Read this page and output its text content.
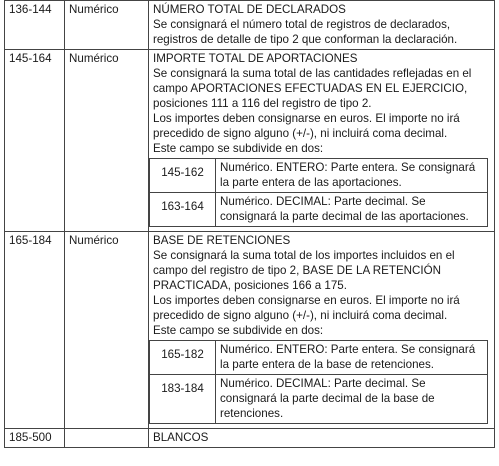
136-144	Numérico	NÚMERO TOTAL DE DECLARADOS

Se consignará el número total de registros de declarados, registros de detalle de tipo 2 que conforman la declaración.

145-164	Numérico	IMPORTE TOTAL DE APORTACIONES

Se consignará la suma total de las cantidades reflejadas en el campo APORTACIONES EFECTUADAS EN EL EJERCICIO, posiciones 111 a 116 del registro de tipo 2.

Los importes deben consignarse en euros. El importe no irá precedido de signo alguno (+/-), ni incluirá coma decimal.

Este campo se subdivide en dos:

145-162	Numérico. ENTERO: Parte entera. Se consignará la parte entera de las aportaciones.
163-164	Numérico. DECIMAL: Parte decimal. Se consignará la parte decimal de las aportaciones.

165-184	Numérico	BASE DE RETENCIONES

Se consignará la suma total de los importes incluidos en el campo del registro de tipo 2, BASE DE LA RETENCIÓN PRACTICADA, posiciones 166 a 175.

Los importes deben consignarse en euros. El importe no irá precedido de signo alguno (+/-), ni incluirá coma decimal.

Este campo se subdivide en dos:

165-182	Numérico. ENTERO: Parte entera. Se consignará la parte entera de la base de retenciones.
183-184	Numérico. DECIMAL: Parte decimal. Se consignará la parte decimal de la base de retenciones.

185-500		BLANCOS
